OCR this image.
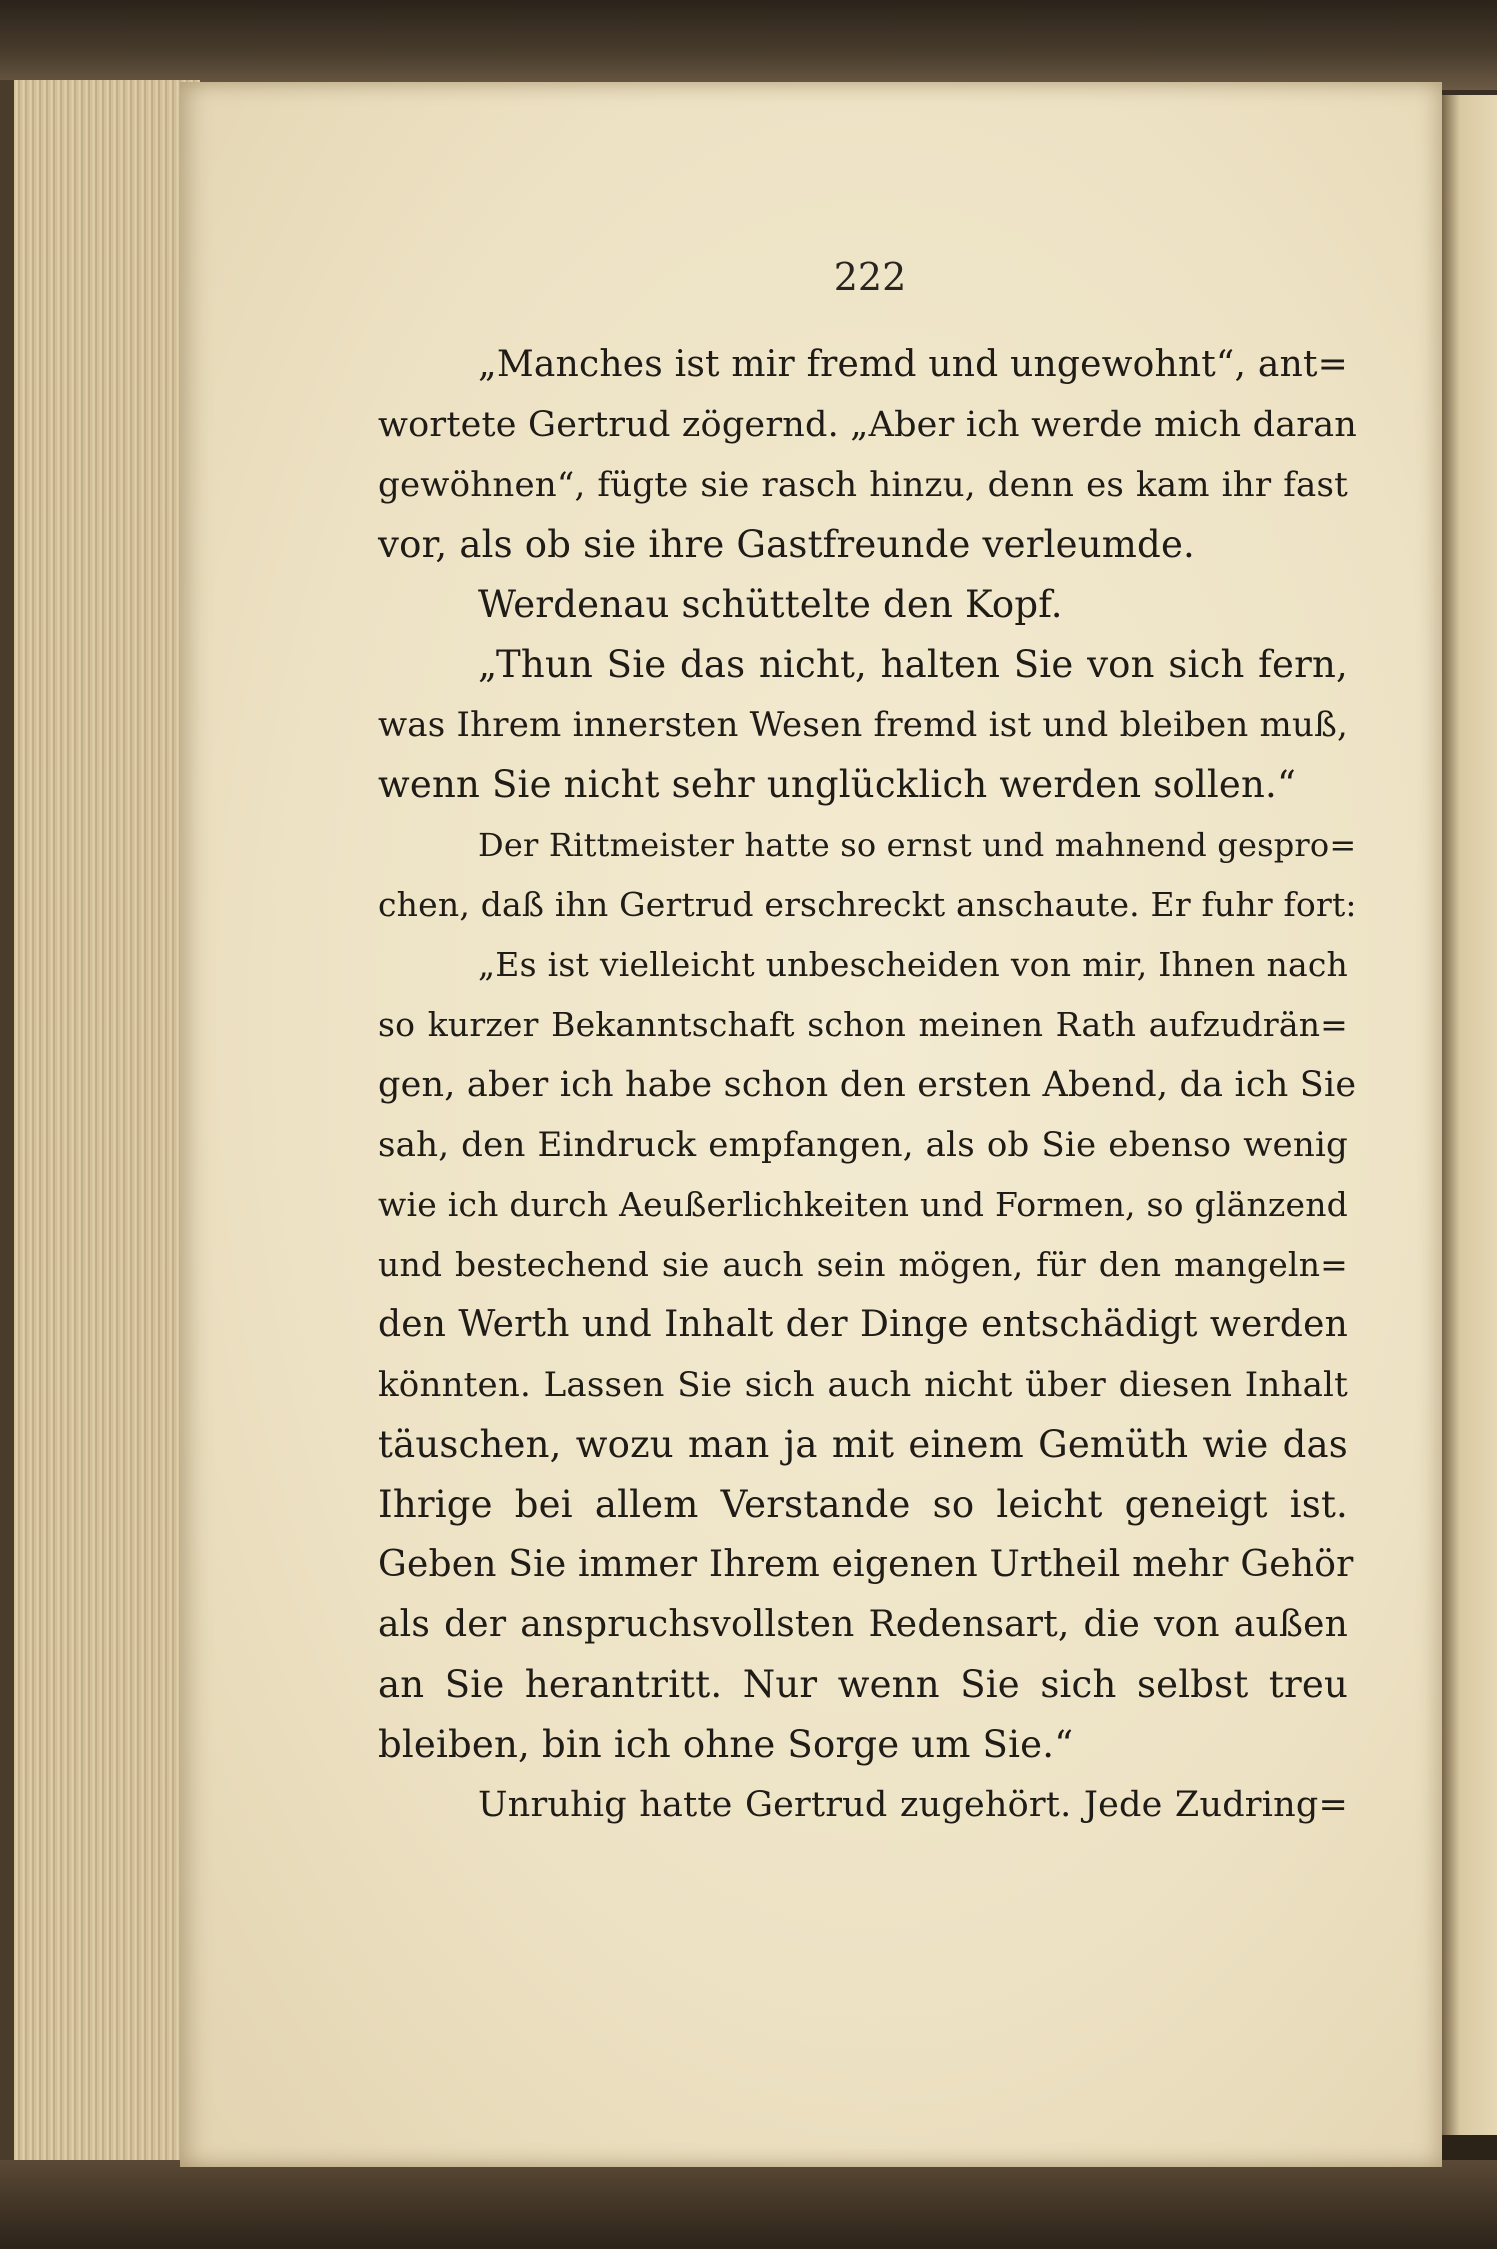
222
„Manches ist mir fremd und ungewohnt“, ant=
wortete Gertrud zögernd. „Aber ich werde mich daran
gewöhnen“, fügte sie rasch hinzu, denn es kam ihr fast
vor, als ob sie ihre Gastfreunde verleumde.
Werdenau schüttelte den Kopf.
„Thun Sie das nicht, halten Sie von sich fern,
was Ihrem innersten Wesen fremd ist und bleiben muß,
wenn Sie nicht sehr unglücklich werden sollen.“
Der Rittmeister hatte so ernst und mahnend gespro=
chen, daß ihn Gertrud erschreckt anschaute. Er fuhr fort:
„Es ist vielleicht unbescheiden von mir, Ihnen nach
so kurzer Bekanntschaft schon meinen Rath aufzudrän=
gen, aber ich habe schon den ersten Abend, da ich Sie
sah, den Eindruck empfangen, als ob Sie ebenso wenig
wie ich durch Aeußerlichkeiten und Formen, so glänzend
und bestechend sie auch sein mögen, für den mangeln=
den Werth und Inhalt der Dinge entschädigt werden
könnten. Lassen Sie sich auch nicht über diesen Inhalt
täuschen, wozu man ja mit einem Gemüth wie das
Ihrige bei allem Verstande so leicht geneigt ist.
Geben Sie immer Ihrem eigenen Urtheil mehr Gehör
als der anspruchsvollsten Redensart, die von außen
an Sie herantritt. Nur wenn Sie sich selbst treu
bleiben, bin ich ohne Sorge um Sie.“
Unruhig hatte Gertrud zugehört. Jede Zudring=
